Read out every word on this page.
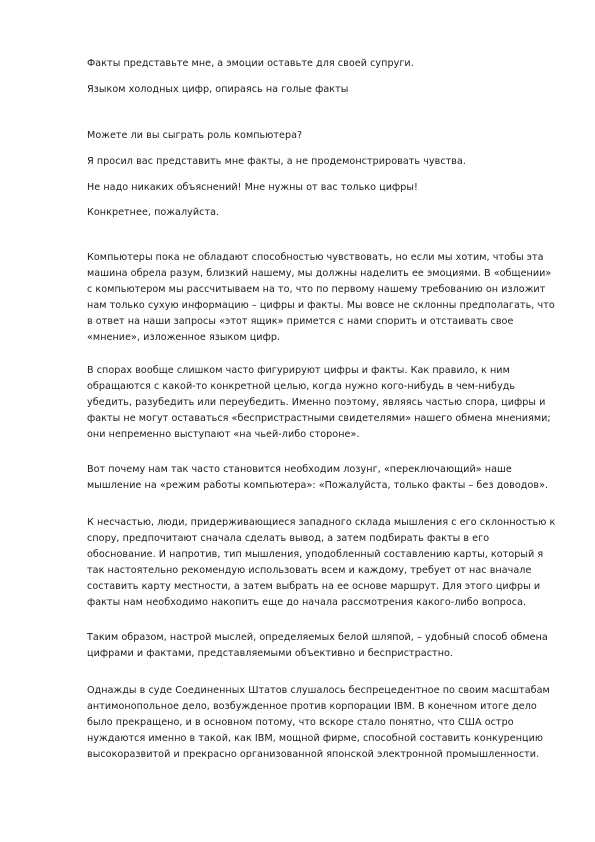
Факты представьте мне, а эмоции оставьте для своей супруги.

Языком холодных цифр, опираясь на голые факты

Можете ли вы сыграть роль компьютера?

Я просил вас представить мне факты, а не продемонстрировать чувства.

Не надо никаких объяснений! Мне нужны от вас только цифры!

Конкретнее, пожалуйста.

Компьютеры пока не обладают способностью чувствовать, но если мы хотим, чтобы эта машина обрела разум, близкий нашему, мы должны наделить ее эмоциями. В «общении» с компьютером мы рассчитываем на то, что по первому нашему требованию он изложит нам только сухую информацию – цифры и факты. Мы вовсе не склонны предполагать, что в ответ на наши запросы «этот ящик» примется с нами спорить и отстаивать свое «мнение», изложенное языком цифр.

В спорах вообще слишком часто фигурируют цифры и факты. Как правило, к ним обращаются с какой-то конкретной целью, когда нужно кого-нибудь в чем-нибудь убедить, разубедить или переубедить. Именно поэтому, являясь частью спора, цифры и факты не могут оставаться «беспристрастными свидетелями» нашего обмена мнениями; они непременно выступают «на чьей-либо стороне».

Вот почему нам так часто становится необходим лозунг, «переключающий» наше мышление на «режим работы компьютера»: «Пожалуйста, только факты – без доводов».

К несчастью, люди, придерживающиеся западного склада мышления с его склонностью к спору, предпочитают сначала сделать вывод, а затем подбирать факты в его обоснование. И напротив, тип мышления, уподобленный составлению карты, который я так настоятельно рекомендую использовать всем и каждому, требует от нас вначале составить карту местности, а затем выбрать на ее основе маршрут. Для этого цифры и факты нам необходимо накопить еще до начала рассмотрения какого-либо вопроса.

Таким образом, настрой мыслей, определяемых белой шляпой, – удобный способ обмена цифрами и фактами, представляемыми объективно и беспристрастно.

Однажды в суде Соединенных Штатов слушалось беспрецедентное по своим масштабам антимонопольное дело, возбужденное против корпорации IBM. В конечном итоге дело было прекращено, и в основном потому, что вскоре стало понятно, что США остро нуждаются именно в такой, как IBM, мощной фирме, способной составить конкуренцию высокоразвитой и прекрасно организованной японской электронной промышленности.
